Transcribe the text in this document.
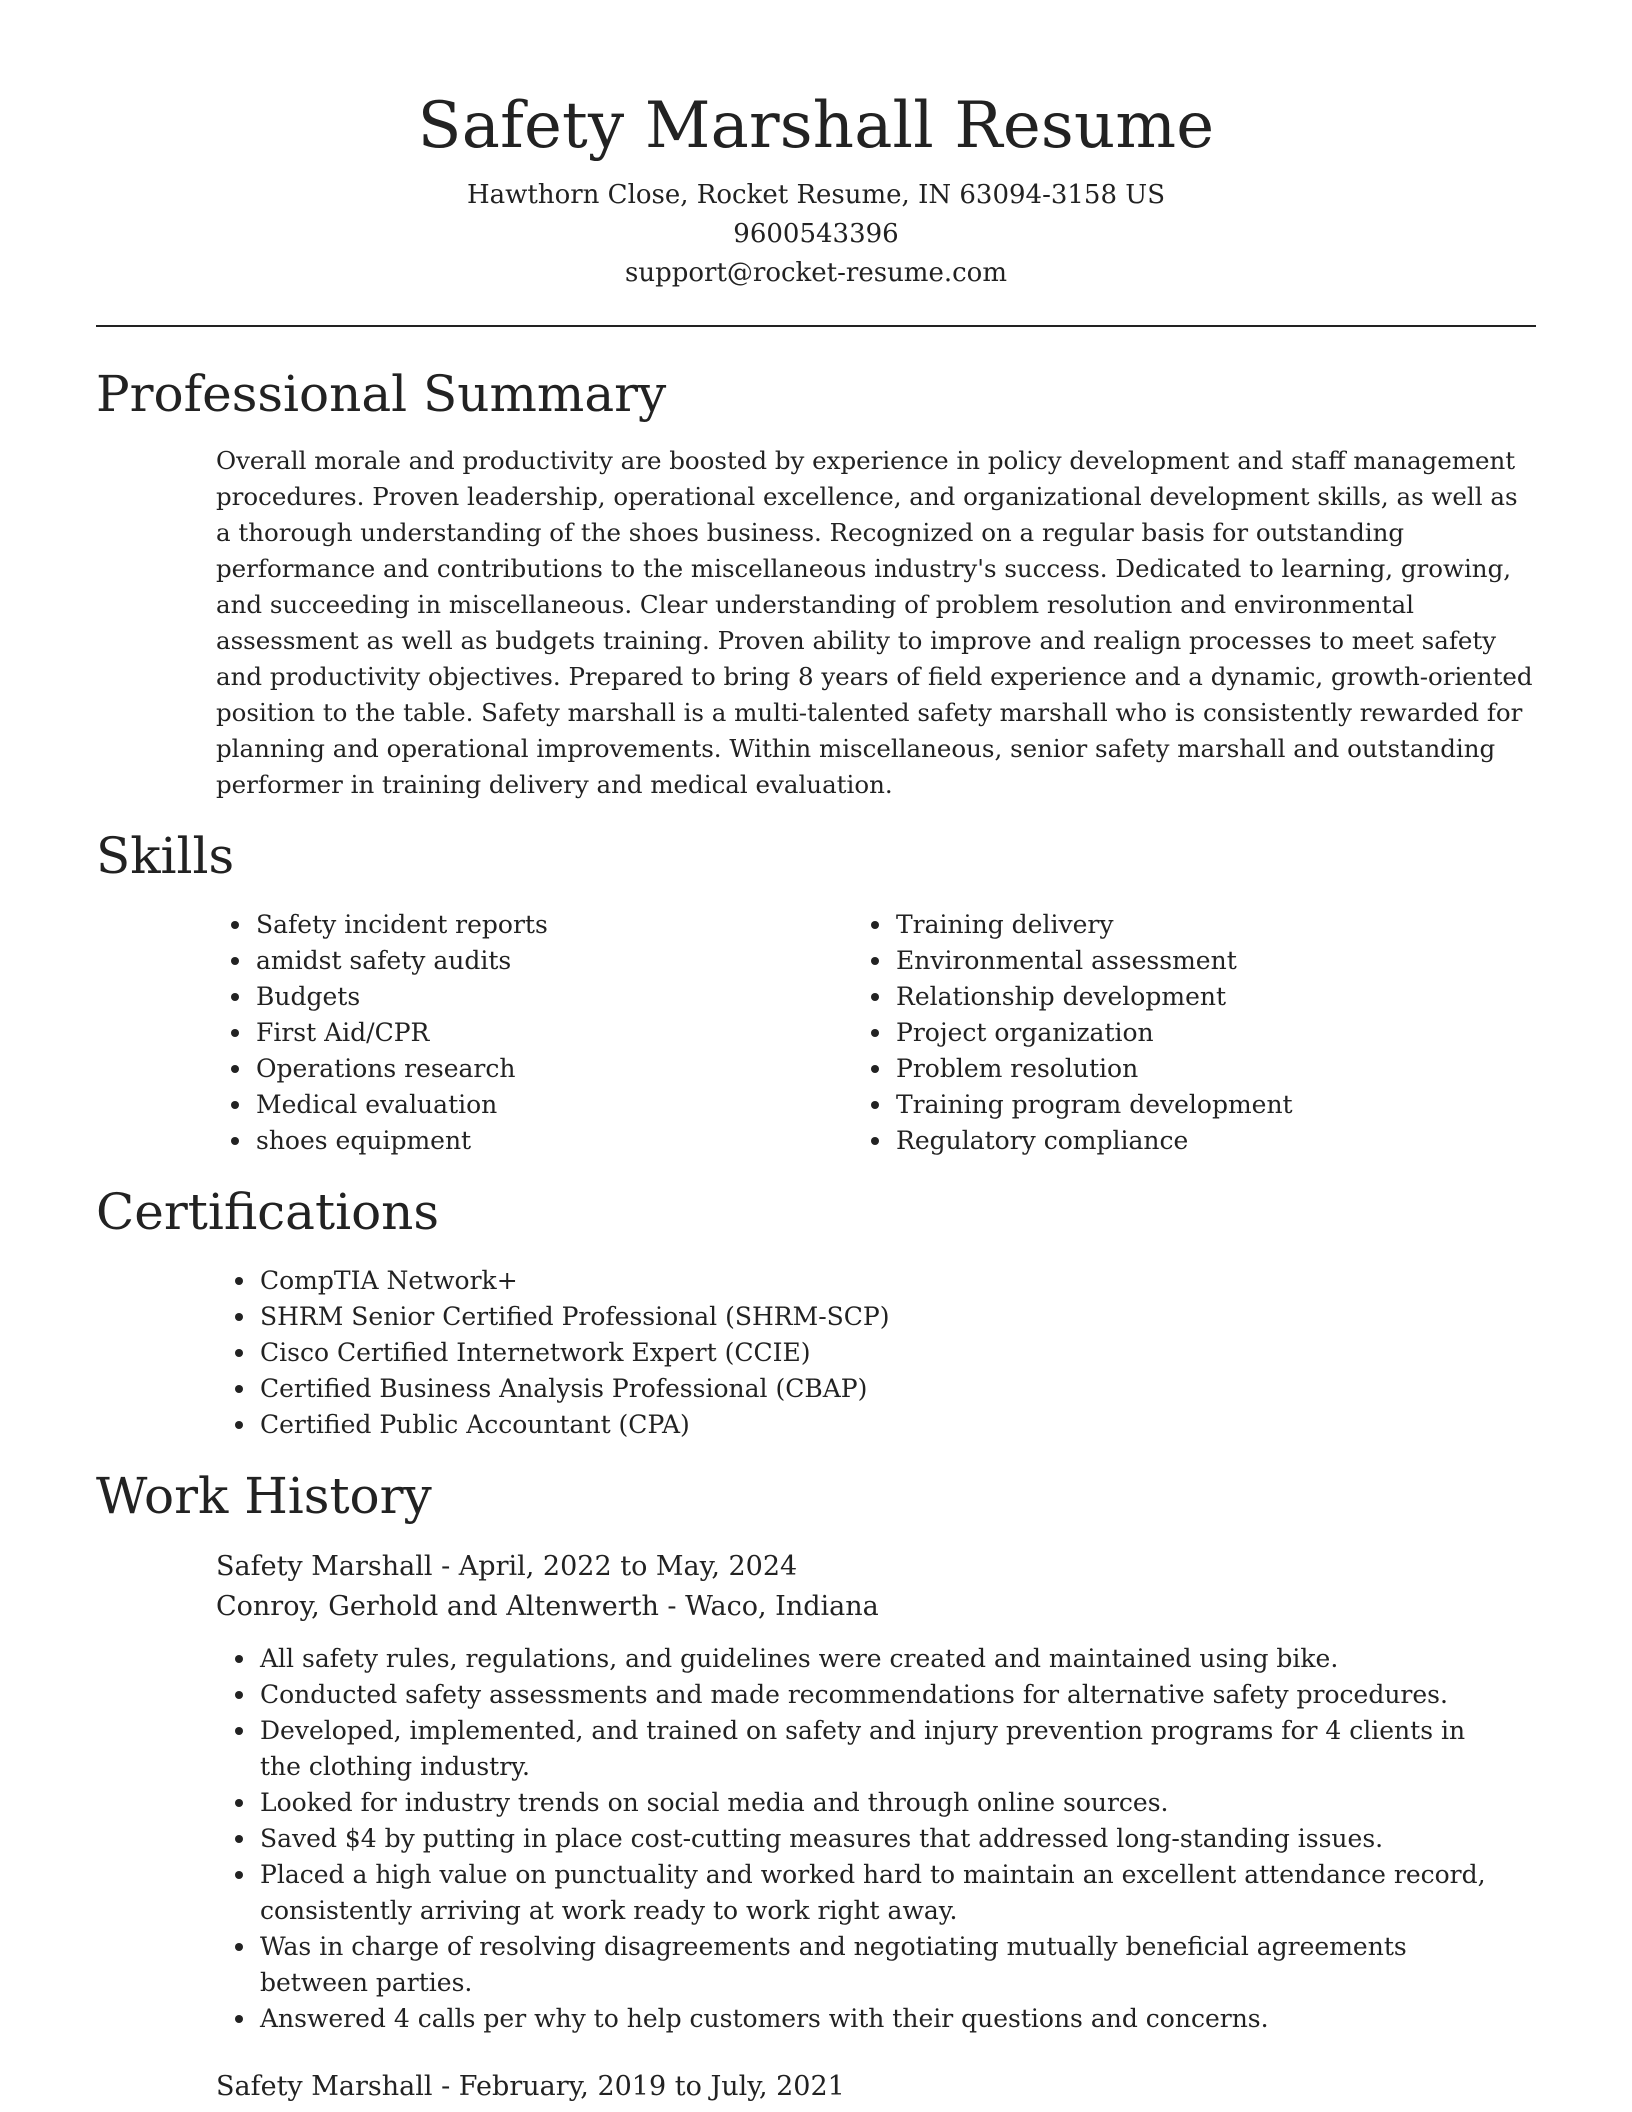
Safety Marshall Resume
Hawthorn Close, Rocket Resume, IN 63094-3158 US
9600543396
support@rocket-resume.com
Professional Summary
Overall morale and productivity are boosted by experience in policy development and staff management procedures. Proven leadership, operational excellence, and organizational development skills, as well as a thorough understanding of the shoes business. Recognized on a regular basis for outstanding performance and contributions to the miscellaneous industry's success. Dedicated to learning, growing, and succeeding in miscellaneous. Clear understanding of problem resolution and environmental assessment as well as budgets training. Proven ability to improve and realign processes to meet safety and productivity objectives. Prepared to bring 8 years of field experience and a dynamic, growth-oriented position to the table. Safety marshall is a multi-talented safety marshall who is consistently rewarded for planning and operational improvements. Within miscellaneous, senior safety marshall and outstanding performer in training delivery and medical evaluation.
Skills
Safety incident reports
amidst safety audits
Budgets
First Aid/CPR
Operations research
Medical evaluation
shoes equipment
Training delivery
Environmental assessment
Relationship development
Project organization
Problem resolution
Training program development
Regulatory compliance
Certifications
CompTIA Network+
SHRM Senior Certified Professional (SHRM-SCP)
Cisco Certified Internetwork Expert (CCIE)
Certified Business Analysis Professional (CBAP)
Certified Public Accountant (CPA)
Work History
Safety Marshall - April, 2022 to May, 2024
Conroy, Gerhold and Altenwerth - Waco, Indiana
All safety rules, regulations, and guidelines were created and maintained using bike.
Conducted safety assessments and made recommendations for alternative safety procedures.
Developed, implemented, and trained on safety and injury prevention programs for 4 clients in the clothing industry.
Looked for industry trends on social media and through online sources.
Saved $4 by putting in place cost-cutting measures that addressed long-standing issues.
Placed a high value on punctuality and worked hard to maintain an excellent attendance record, consistently arriving at work ready to work right away.
Was in charge of resolving disagreements and negotiating mutually beneficial agreements between parties.
Answered 4 calls per why to help customers with their questions and concerns.
Safety Marshall - February, 2019 to July, 2021
